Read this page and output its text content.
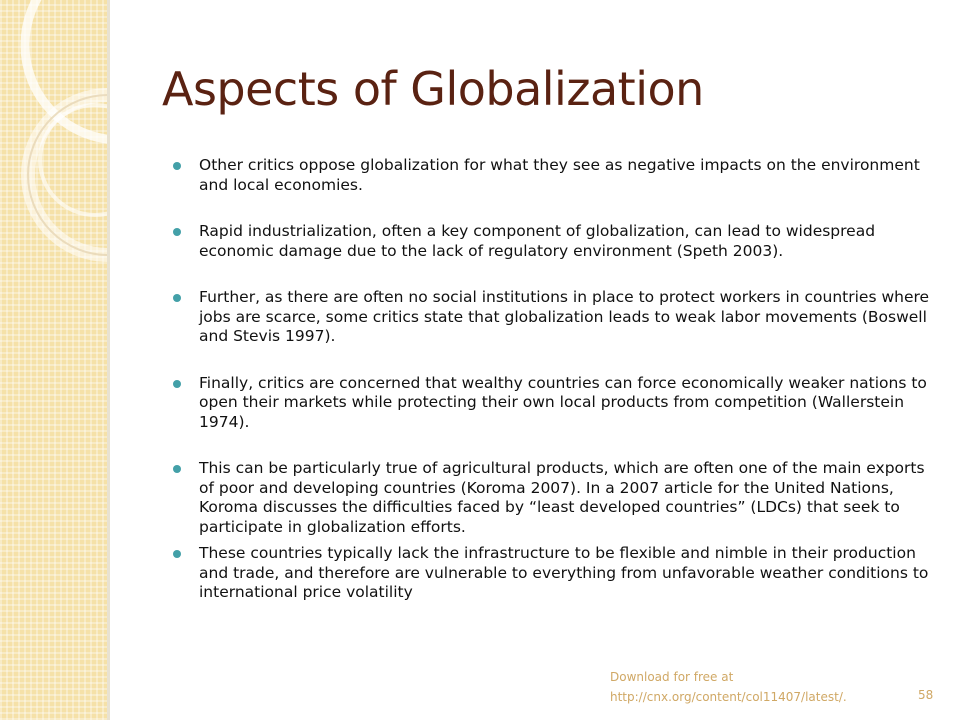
Aspects of Globalization
Other critics oppose globalization for what they see as negative impacts on the environment and local economies.
Rapid industrialization, often a key component of globalization, can lead to widespread economic damage due to the lack of regulatory environment (Speth 2003).
Further, as there are often no social institutions in place to protect workers in countries where jobs are scarce, some critics state that globalization leads to weak labor movements (Boswell and Stevis 1997).
Finally, critics are concerned that wealthy countries can force economically weaker nations to open their markets while protecting their own local products from competition (Wallerstein 1974).
This can be particularly true of agricultural products, which are often one of the main exports of poor and developing countries (Koroma 2007). In a 2007 article for the United Nations, Koroma discusses the difficulties faced by “least developed countries” (LDCs) that seek to participate in globalization efforts.
These countries typically lack the infrastructure to be flexible and nimble in their production and trade, and therefore are vulnerable to everything from unfavorable weather conditions to international price volatility
Download for free at
http://cnx.org/content/col11407/latest/.	58
